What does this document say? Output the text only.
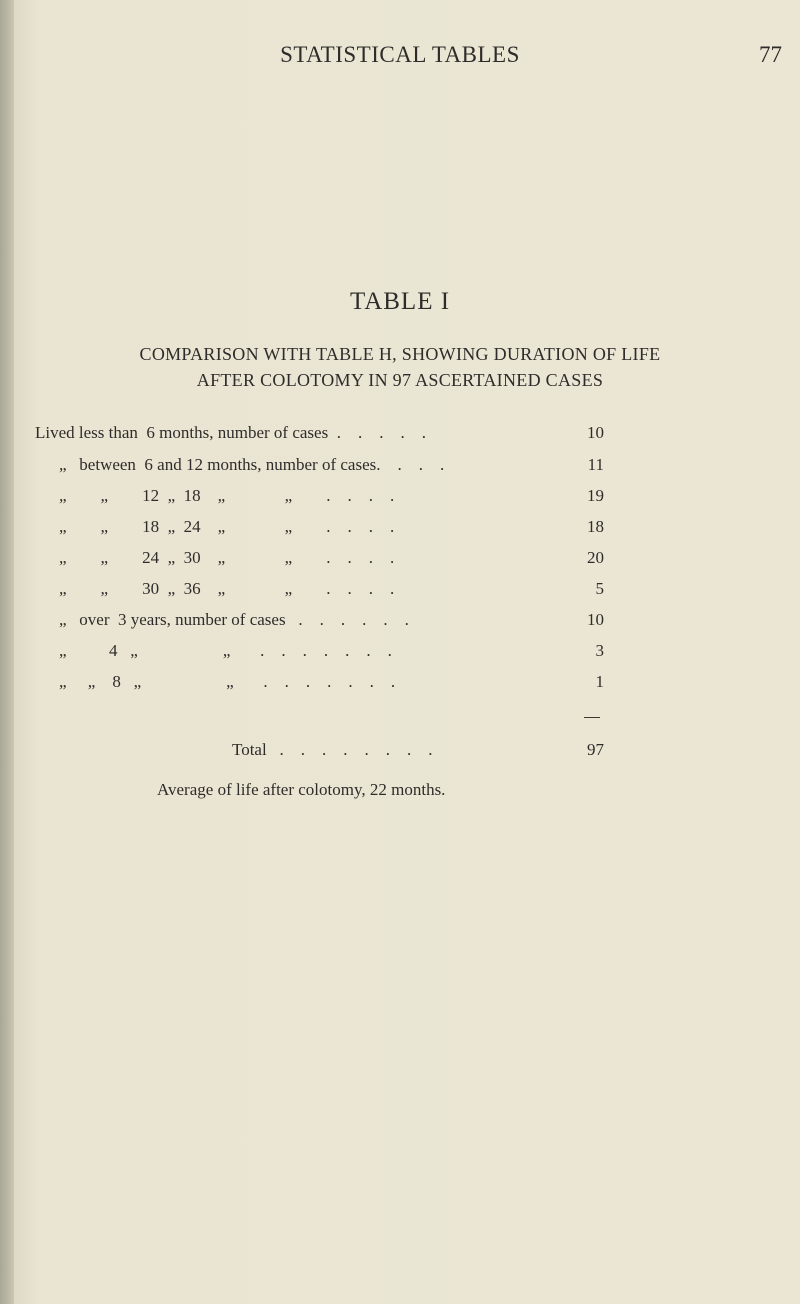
STATISTICAL TABLES	77
TABLE I
COMPARISON WITH TABLE H, SHOWING DURATION OF LIFE
AFTER COLOTOMY IN 97 ASCERTAINED CASES
Lived less than  6 months, number of cases  .    .    .    .    .	10
„   between  6 and 12 months, number of cases.    .    .    .	11
„        „        12  „  18    „              „        .    .    .    .	19
„        „        18  „  24    „              „        .    .    .    .	18
„        „        24  „  30    „              „        .    .    .    .	20
„        „        30  „  36    „              „        .    .    .    .	5
„   over  3 years, number of cases   .    .    .    .    .    .	10
„          4   „                    „       .    .    .    .    .    .    .	3
„     „    8   „                    „       .    .    .    .    .    .    .	1
Total   .    .    .    .    .    .    .    .	97
Average of life after colotomy, 22 months.
